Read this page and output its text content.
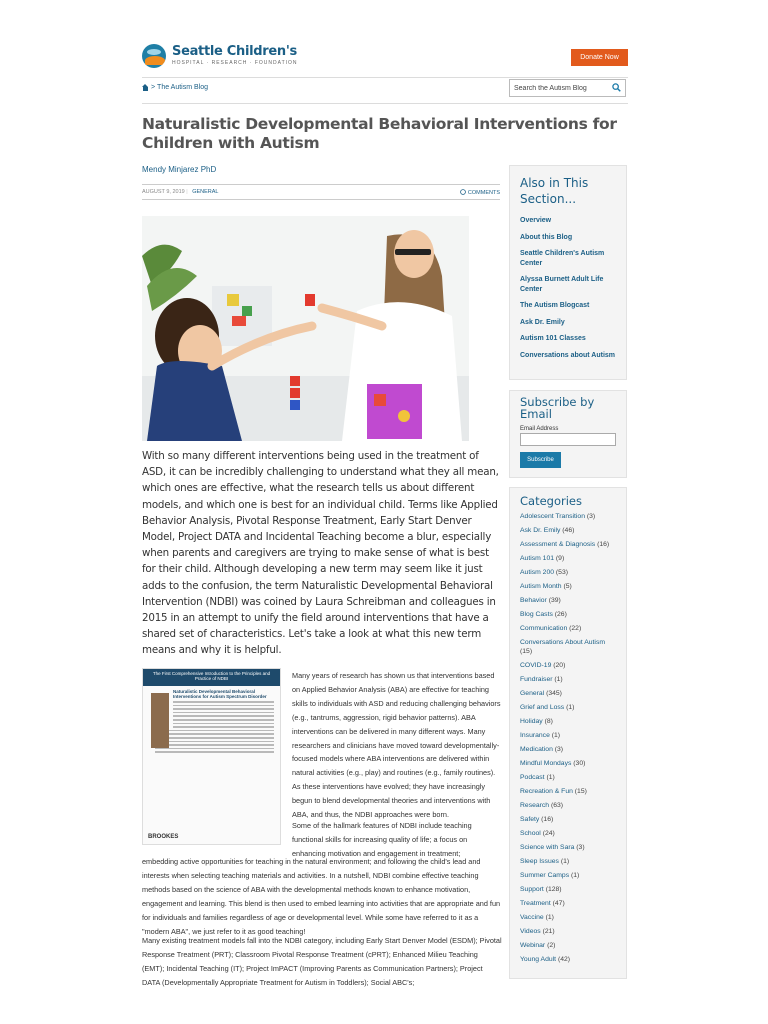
Seattle Children's
HOSPITAL · RESEARCH · FOUNDATION
Donate Now
>
The Autism Blog
Search the Autism Blog
Naturalistic Developmental Behavioral Interventions for Children with Autism
Mendy Minjarez PhD
AUGUST 9, 2019 | GENERAL	COMMENTS

With so many different interventions being used in the treatment of ASD, it can be incredibly challenging to understand what they all mean, which ones are effective, what the research tells us about different models, and which one is best for an individual child. Terms like Applied Behavior Analysis, Pivotal Response Treatment, Early Start Denver Model, Project DATA and Incidental Teaching become a blur, especially when parents and caregivers are trying to make sense of what is best for their child. Although developing a new term may seem like it just adds to the confusion, the term Naturalistic Developmental Behavioral Intervention (NDBI) was coined by Laura Schreibman and colleagues in 2015 in an attempt to unify the field around interventions that have a shared set of characteristics. Let's take a look at what this new term means and why it is helpful.

The First Comprehensive Introduction to the Principles and Practice of NDBI
Naturalistic Developmental Behavioral Interventions for Autism Spectrum Disorder
BROOKES

Many years of research has shown us that interventions based on Applied Behavior Analysis (ABA) are effective for teaching skills to individuals with ASD and reducing challenging behaviors (e.g., tantrums, aggression, rigid behavior patterns). ABA interventions can be delivered in many different ways. Many researchers and clinicians have moved toward developmentally-focused models where ABA interventions are delivered within natural activities (e.g., play) and routines (e.g., family routines). As these interventions have evolved; they have increasingly begun to blend developmental theories and interventions with ABA, and thus, the NDBI approaches were born.

Some of the hallmark features of NDBI include teaching functional skills for increasing quality of life; a focus on enhancing motivation and engagement in treatment;

embedding active opportunities for teaching in the natural environment; and following the child's lead and interests when selecting teaching materials and activities. In a nutshell, NDBI combine effective teaching methods based on the science of ABA with the developmental methods known to enhance motivation, engagement and learning. This blend is then used to embed learning into activities that are appropriate and fun for individuals and families regardless of age or developmental level. While some have referred to it as a "modern ABA", we just refer to it as good teaching!

Many existing treatment models fall into the NDBI category, including Early Start Denver Model (ESDM); Pivotal Response Treatment (PRT); Classroom Pivotal Response Treatment (cPRT); Enhanced Milieu Teaching (EMT); Incidental Teaching (IT); Project ImPACT (Improving Parents as Communication Partners); Project DATA (Developmentally Appropriate Treatment for Autism in Toddlers); Social ABC's;

Also in This Section...
Overview
About this Blog
Seattle Children's Autism Center
Alyssa Burnett Adult Life Center
The Autism Blogcast
Ask Dr. Emily
Autism 101 Classes
Conversations about Autism
Subscribe by Email
Email Address
Subscribe
Categories
Adolescent Transition (3)
Ask Dr. Emily (46)
Assessment & Diagnosis (16)
Autism 101 (9)
Autism 200 (53)
Autism Month (5)
Behavior (39)
Blog Casts (26)
Communication (22)
Conversations About Autism (15)
COVID-19 (20)
Fundraiser (1)
General (345)
Grief and Loss (1)
Holiday (8)
Insurance (1)
Medication (3)
Mindful Mondays (30)
Podcast (1)
Recreation & Fun (15)
Research (63)
Safety (16)
School (24)
Science with Sara (3)
Sleep Issues (1)
Summer Camps (1)
Support (128)
Treatment (47)
Vaccine (1)
Videos (21)
Webinar (2)
Young Adult (42)
